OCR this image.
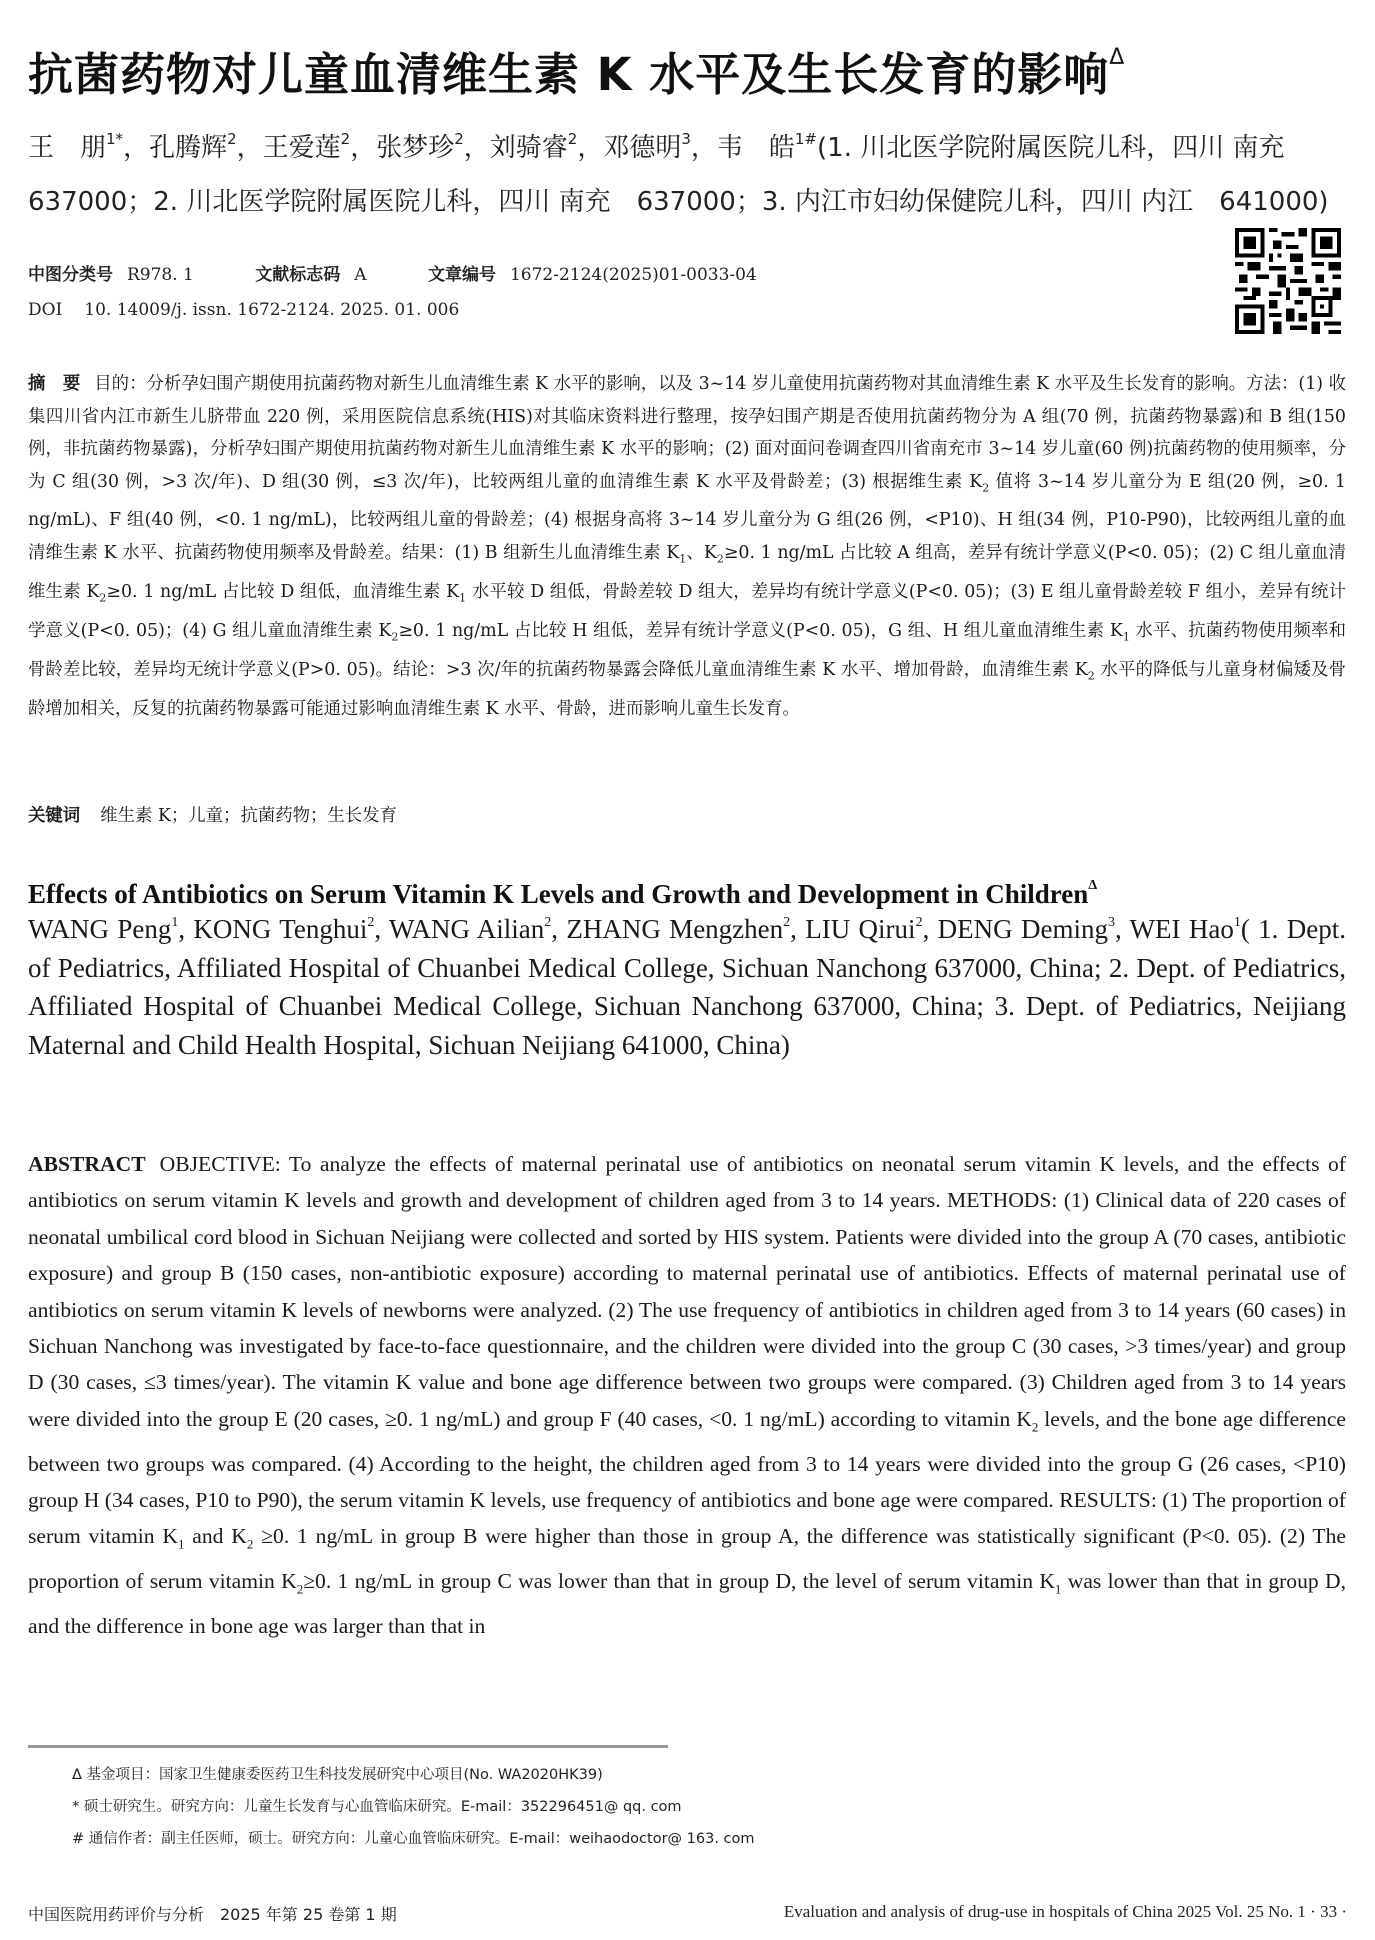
抗菌药物对儿童血清维生素 K 水平及生长发育的影响$^\Delta$
王　朋$^{1*}$，孔腾辉$^2$，王爱莲$^2$，张梦珍$^2$，刘骑睿$^2$，邓德明$^3$，韦　皓$^{1\#}$(1. 川北医学院附属医院儿科，四川 南充　637000；2. 川北医学院附属医院儿科，四川 南充　637000；3. 内江市妇幼保健院儿科，四川 内江　641000)
中图分类号 R978. 1	文献标志码 A	文章编号 1672-2124(2025)01-0033-04
DOI 10. 14009/j. issn. 1672-2124. 2025. 01. 006
摘　要 目的：分析孕妇围产期使用抗菌药物对新生儿血清维生素 K 水平的影响，以及 3~14 岁儿童使用抗菌药物对其血清维生素 K 水平及生长发育的影响。方法：(1) 收集四川省内江市新生儿脐带血 220 例，采用医院信息系统(HIS)对其临床资料进行整理，按孕妇围产期是否使用抗菌药物分为 A 组(70 例，抗菌药物暴露)和 B 组(150 例，非抗菌药物暴露)，分析孕妇围产期使用抗菌药物对新生儿血清维生素 K 水平的影响；(2) 面对面问卷调查四川省南充市 3~14 岁儿童(60 例)抗菌药物的使用频率，分为 C 组(30 例，>3 次/年)、D 组(30 例，≤3 次/年)，比较两组儿童的血清维生素 K 水平及骨龄差；(3) 根据维生素 $K_2$ 值将 3~14 岁儿童分为 E 组(20 例，≥0. 1 ng/mL)、F 组(40 例，<0. 1 ng/mL)，比较两组儿童的骨龄差；(4) 根据身高将 3~14 岁儿童分为 G 组(26 例，<P10)、H 组(34 例，P10-P90)，比较两组儿童的血清维生素 K 水平、抗菌药物使用频率及骨龄差。结果：(1) B 组新生儿血清维生素 $K_1$、$K_2\ge 0$. 1 ng/mL 占比较 A 组高，差异有统计学意义(P<0. 05)；(2) C 组儿童血清维生素 $K_2\ge 0$. 1 ng/mL 占比较 D 组低，血清维生素 $K_1$ 水平较 D 组低，骨龄差较 D 组大，差异均有统计学意义(P<0. 05)；(3) E 组儿童骨龄差较 F 组小，差异有统计学意义(P<0. 05)；(4) G 组儿童血清维生素 $K_2\ge 0$. 1 ng/mL 占比较 H 组低，差异有统计学意义(P<0. 05)，G 组、H 组儿童血清维生素 $K_1$ 水平、抗菌药物使用频率和骨龄差比较，差异均无统计学意义(P>0. 05)。结论：>3 次/年的抗菌药物暴露会降低儿童血清维生素 K 水平、增加骨龄，血清维生素 $K_2$ 水平的降低与儿童身材偏矮及骨龄增加相关，反复的抗菌药物暴露可能通过影响血清维生素 K 水平、骨龄，进而影响儿童生长发育。
关键词 维生素 K；儿童；抗菌药物；生长发育
Effects of Antibiotics on Serum Vitamin K Levels and Growth and Development in Children$^\Delta$
WANG Peng$^1$, KONG Tenghui$^2$, WANG Ailian$^2$, ZHANG Mengzhen$^2$, LIU Qirui$^2$, DENG Deming$^3$, WEI Hao$^1$( 1. Dept. of Pediatrics, Affiliated Hospital of Chuanbei Medical College, Sichuan Nanchong 637000, China; 2. Dept. of Pediatrics, Affiliated Hospital of Chuanbei Medical College, Sichuan Nanchong 637000, China; 3. Dept. of Pediatrics, Neijiang Maternal and Child Health Hospital, Sichuan Neijiang 641000, China)
ABSTRACT OBJECTIVE: To analyze the effects of maternal perinatal use of antibiotics on neonatal serum vitamin K levels, and the effects of antibiotics on serum vitamin K levels and growth and development of children aged from 3 to 14 years. METHODS: (1) Clinical data of 220 cases of neonatal umbilical cord blood in Sichuan Neijiang were collected and sorted by HIS system. Patients were divided into the group A (70 cases, antibiotic exposure) and group B (150 cases, non-antibiotic exposure) according to maternal perinatal use of antibiotics. Effects of maternal perinatal use of antibiotics on serum vitamin K levels of newborns were analyzed. (2) The use frequency of antibiotics in children aged from 3 to 14 years (60 cases) in Sichuan Nanchong was investigated by face-to-face questionnaire, and the children were divided into the group C (30 cases, >3 times/year) and group D (30 cases, ≤3 times/year). The vitamin K value and bone age difference between two groups were compared. (3) Children aged from 3 to 14 years were divided into the group E (20 cases, ≥0. 1 ng/mL) and group F (40 cases, <0. 1 ng/mL) according to vitamin $K_2$ levels, and the bone age difference between two groups was compared. (4) According to the height, the children aged from 3 to 14 years were divided into the group G (26 cases, <P10) group H (34 cases, P10 to P90), the serum vitamin K levels, use frequency of antibiotics and bone age were compared. RESULTS: (1) The proportion of serum vitamin $K_1$ and $K_2 \ge 0$. 1 ng/mL in group B were higher than those in group A, the difference was statistically significant (P<0. 05). (2) The proportion of serum vitamin $K_2\ge 0$. 1 ng/mL in group C was lower than that in group D, the level of serum vitamin $K_1$ was lower than that in group D, and the difference in bone age was larger than that in
Δ 基金项目：国家卫生健康委医药卫生科技发展研究中心项目(No. WA2020HK39)
* 硕士研究生。研究方向：儿童生长发育与心血管临床研究。E-mail：352296451@ qq. com
# 通信作者：副主任医师，硕士。研究方向：儿童心血管临床研究。E-mail：weihaodoctor@ 163. com
中国医院用药评价与分析　2025 年第 25 卷第 1 期	Evaluation and analysis of drug-use in hospitals of China 2025 Vol. 25 No. 1 · 33 ·
